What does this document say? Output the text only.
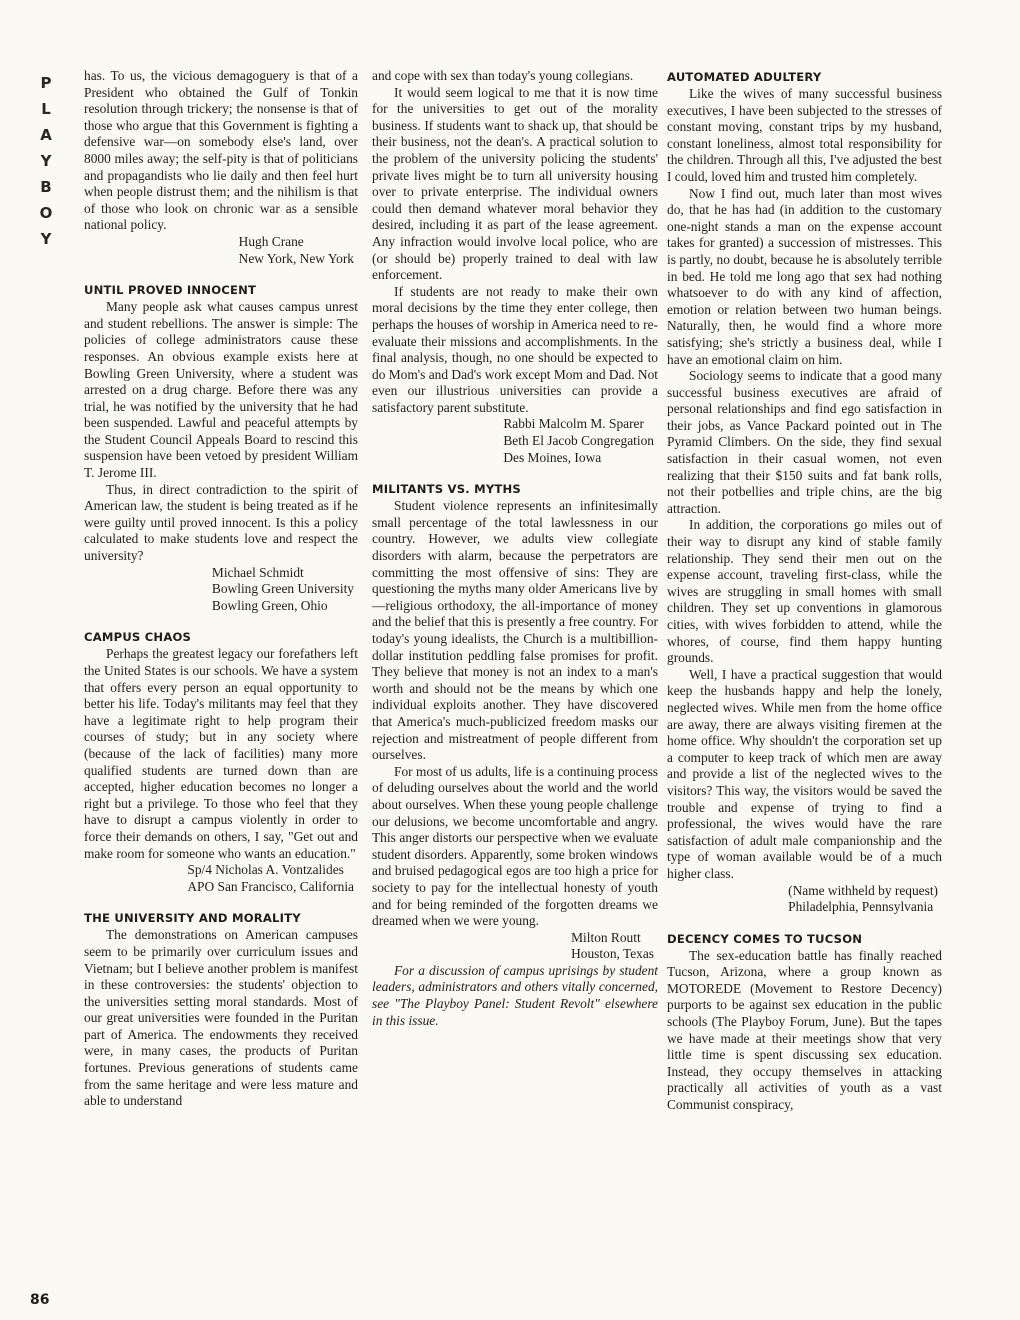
P
L
A
Y
B
O
Y
86

has. To us, the vicious demagoguery is that of a President who obtained the Gulf of Tonkin resolution through trickery; the nonsense is that of those who argue that this Government is fighting a defensive war—on somebody else's land, over 8000 miles away; the self-pity is that of politicians and propagandists who lie daily and then feel hurt when people distrust them; and the nihilism is that of those who look on chronic war as a sensible national policy.

Hugh Crane
New York, New York
UNTIL PROVED INNOCENT

Many people ask what causes campus unrest and student rebellions. The answer is simple: The policies of college administrators cause these responses. An obvious example exists here at Bowling Green University, where a student was arrested on a drug charge. Before there was any trial, he was notified by the university that he had been suspended. Lawful and peaceful attempts by the Student Council Appeals Board to rescind this suspension have been vetoed by president William T. Jerome III.

Thus, in direct contradiction to the spirit of American law, the student is being treated as if he were guilty until proved innocent. Is this a policy calculated to make students love and respect the university?

Michael Schmidt
Bowling Green University
Bowling Green, Ohio
CAMPUS CHAOS

Perhaps the greatest legacy our forefathers left the United States is our schools. We have a system that offers every person an equal opportunity to better his life. Today's militants may feel that they have a legitimate right to help program their courses of study; but in any society where (because of the lack of facilities) many more qualified students are turned down than are accepted, higher education becomes no longer a right but a privilege. To those who feel that they have to disrupt a campus violently in order to force their demands on others, I say, "Get out and make room for someone who wants an education."

Sp/4 Nicholas A. Vontzalides
APO San Francisco, California
THE UNIVERSITY AND MORALITY

The demonstrations on American campuses seem to be primarily over curriculum issues and Vietnam; but I believe another problem is manifest in these controversies: the students' objection to the universities setting moral standards. Most of our great universities were founded in the Puritan part of America. The endowments they received were, in many cases, the products of Puritan fortunes. Previous generations of students came from the same heritage and were less mature and able to understand

and cope with sex than today's young collegians.

It would seem logical to me that it is now time for the universities to get out of the morality business. If students want to shack up, that should be their business, not the dean's. A practical solution to the problem of the university policing the students' private lives might be to turn all university housing over to private enterprise. The individual owners could then demand whatever moral behavior they desired, including it as part of the lease agreement. Any infraction would involve local police, who are (or should be) properly trained to deal with law enforcement.

If students are not ready to make their own moral decisions by the time they enter college, then perhaps the houses of worship in America need to re-evaluate their missions and accomplishments. In the final analysis, though, no one should be expected to do Mom's and Dad's work except Mom and Dad. Not even our illustrious universities can provide a satisfactory parent substitute.

Rabbi Malcolm M. Sparer
Beth El Jacob Congregation
Des Moines, Iowa
MILITANTS VS. MYTHS

Student violence represents an infinitesimally small percentage of the total lawlessness in our country. However, we adults view collegiate disorders with alarm, because the perpetrators are committing the most offensive of sins: They are questioning the myths many older Americans live by—religious orthodoxy, the all-importance of money and the belief that this is presently a free country. For today's young idealists, the Church is a multibillion-dollar institution peddling false promises for profit. They believe that money is not an index to a man's worth and should not be the means by which one individual exploits another. They have discovered that America's much-publicized freedom masks our rejection and mistreatment of people different from ourselves.

For most of us adults, life is a continuing process of deluding ourselves about the world and the world about ourselves. When these young people challenge our delusions, we become uncomfortable and angry. This anger distorts our perspective when we evaluate student disorders. Apparently, some broken windows and bruised pedagogical egos are too high a price for society to pay for the intellectual honesty of youth and for being reminded of the forgotten dreams we dreamed when we were young.

Milton Routt
Houston, Texas

For a discussion of campus uprisings by student leaders, administrators and others vitally concerned, see "The Playboy Panel: Student Revolt" elsewhere in this issue.

AUTOMATED ADULTERY

Like the wives of many successful business executives, I have been subjected to the stresses of constant moving, constant trips by my husband, constant loneliness, almost total responsibility for the children. Through all this, I've adjusted the best I could, loved him and trusted him completely.

Now I find out, much later than most wives do, that he has had (in addition to the customary one-night stands a man on the expense account takes for granted) a succession of mistresses. This is partly, no doubt, because he is absolutely terrible in bed. He told me long ago that sex had nothing whatsoever to do with any kind of affection, emotion or relation between two human beings. Naturally, then, he would find a whore more satisfying; she's strictly a business deal, while I have an emotional claim on him.

Sociology seems to indicate that a good many successful business executives are afraid of personal relationships and find ego satisfaction in their jobs, as Vance Packard pointed out in The Pyramid Climbers. On the side, they find sexual satisfaction in their casual women, not even realizing that their $150 suits and fat bank rolls, not their potbellies and triple chins, are the big attraction.

In addition, the corporations go miles out of their way to disrupt any kind of stable family relationship. They send their men out on the expense account, traveling first-class, while the wives are struggling in small homes with small children. They set up conventions in glamorous cities, with wives forbidden to attend, while the whores, of course, find them happy hunting grounds.

Well, I have a practical suggestion that would keep the husbands happy and help the lonely, neglected wives. While men from the home office are away, there are always visiting firemen at the home office. Why shouldn't the corporation set up a computer to keep track of which men are away and provide a list of the neglected wives to the visitors? This way, the visitors would be saved the trouble and expense of trying to find a professional, the wives would have the rare satisfaction of adult male companionship and the type of woman available would be of a much higher class.

(Name withheld by request)
Philadelphia, Pennsylvania
DECENCY COMES TO TUCSON

The sex-education battle has finally reached Tucson, Arizona, where a group known as MOTOREDE (Movement to Restore Decency) purports to be against sex education in the public schools (The Playboy Forum, June). But the tapes we have made at their meetings show that very little time is spent discussing sex education. Instead, they occupy themselves in attacking practically all activities of youth as a vast Communist conspiracy,
